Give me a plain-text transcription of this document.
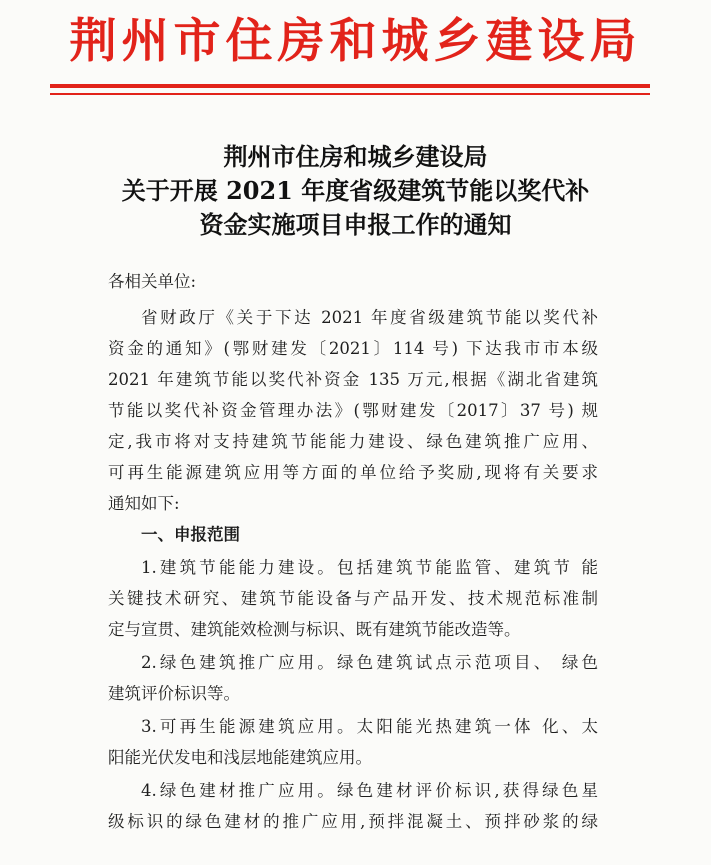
荆州市住房和城乡建设局
荆州市住房和城乡建设局
关于开展 2021 年度省级建筑节能以奖代补
资金实施项目申报工作的通知
各相关单位:
省财政厅《关于下达 2021 年度省级建筑节能以奖代补
资金的通知》(鄂财建发〔2021〕114 号) 下达我市市本级
2021 年建筑节能以奖代补资金 135 万元,根据《湖北省建筑
节能以奖代补资金管理办法》(鄂财建发〔2017〕37 号) 规
定,我市将对支持建筑节能能力建设、绿色建筑推广应用、
可再生能源建筑应用等方面的单位给予奖励,现将有关要求
通知如下:
一、申报范围
1.建筑节能能力建设。包括建筑节能监管、建筑节 能
关键技术研究、建筑节能设备与产品开发、技术规范标准制
定与宣贯、建筑能效检测与标识、既有建筑节能改造等。
2.绿色建筑推广应用。绿色建筑试点示范项目、 绿色
建筑评价标识等。
3.可再生能源建筑应用。太阳能光热建筑一体 化、太
阳能光伏发电和浅层地能建筑应用。
4.绿色建材推广应用。绿色建材评价标识,获得绿色星
级标识的绿色建材的推广应用,预拌混凝土、预拌砂浆的绿
